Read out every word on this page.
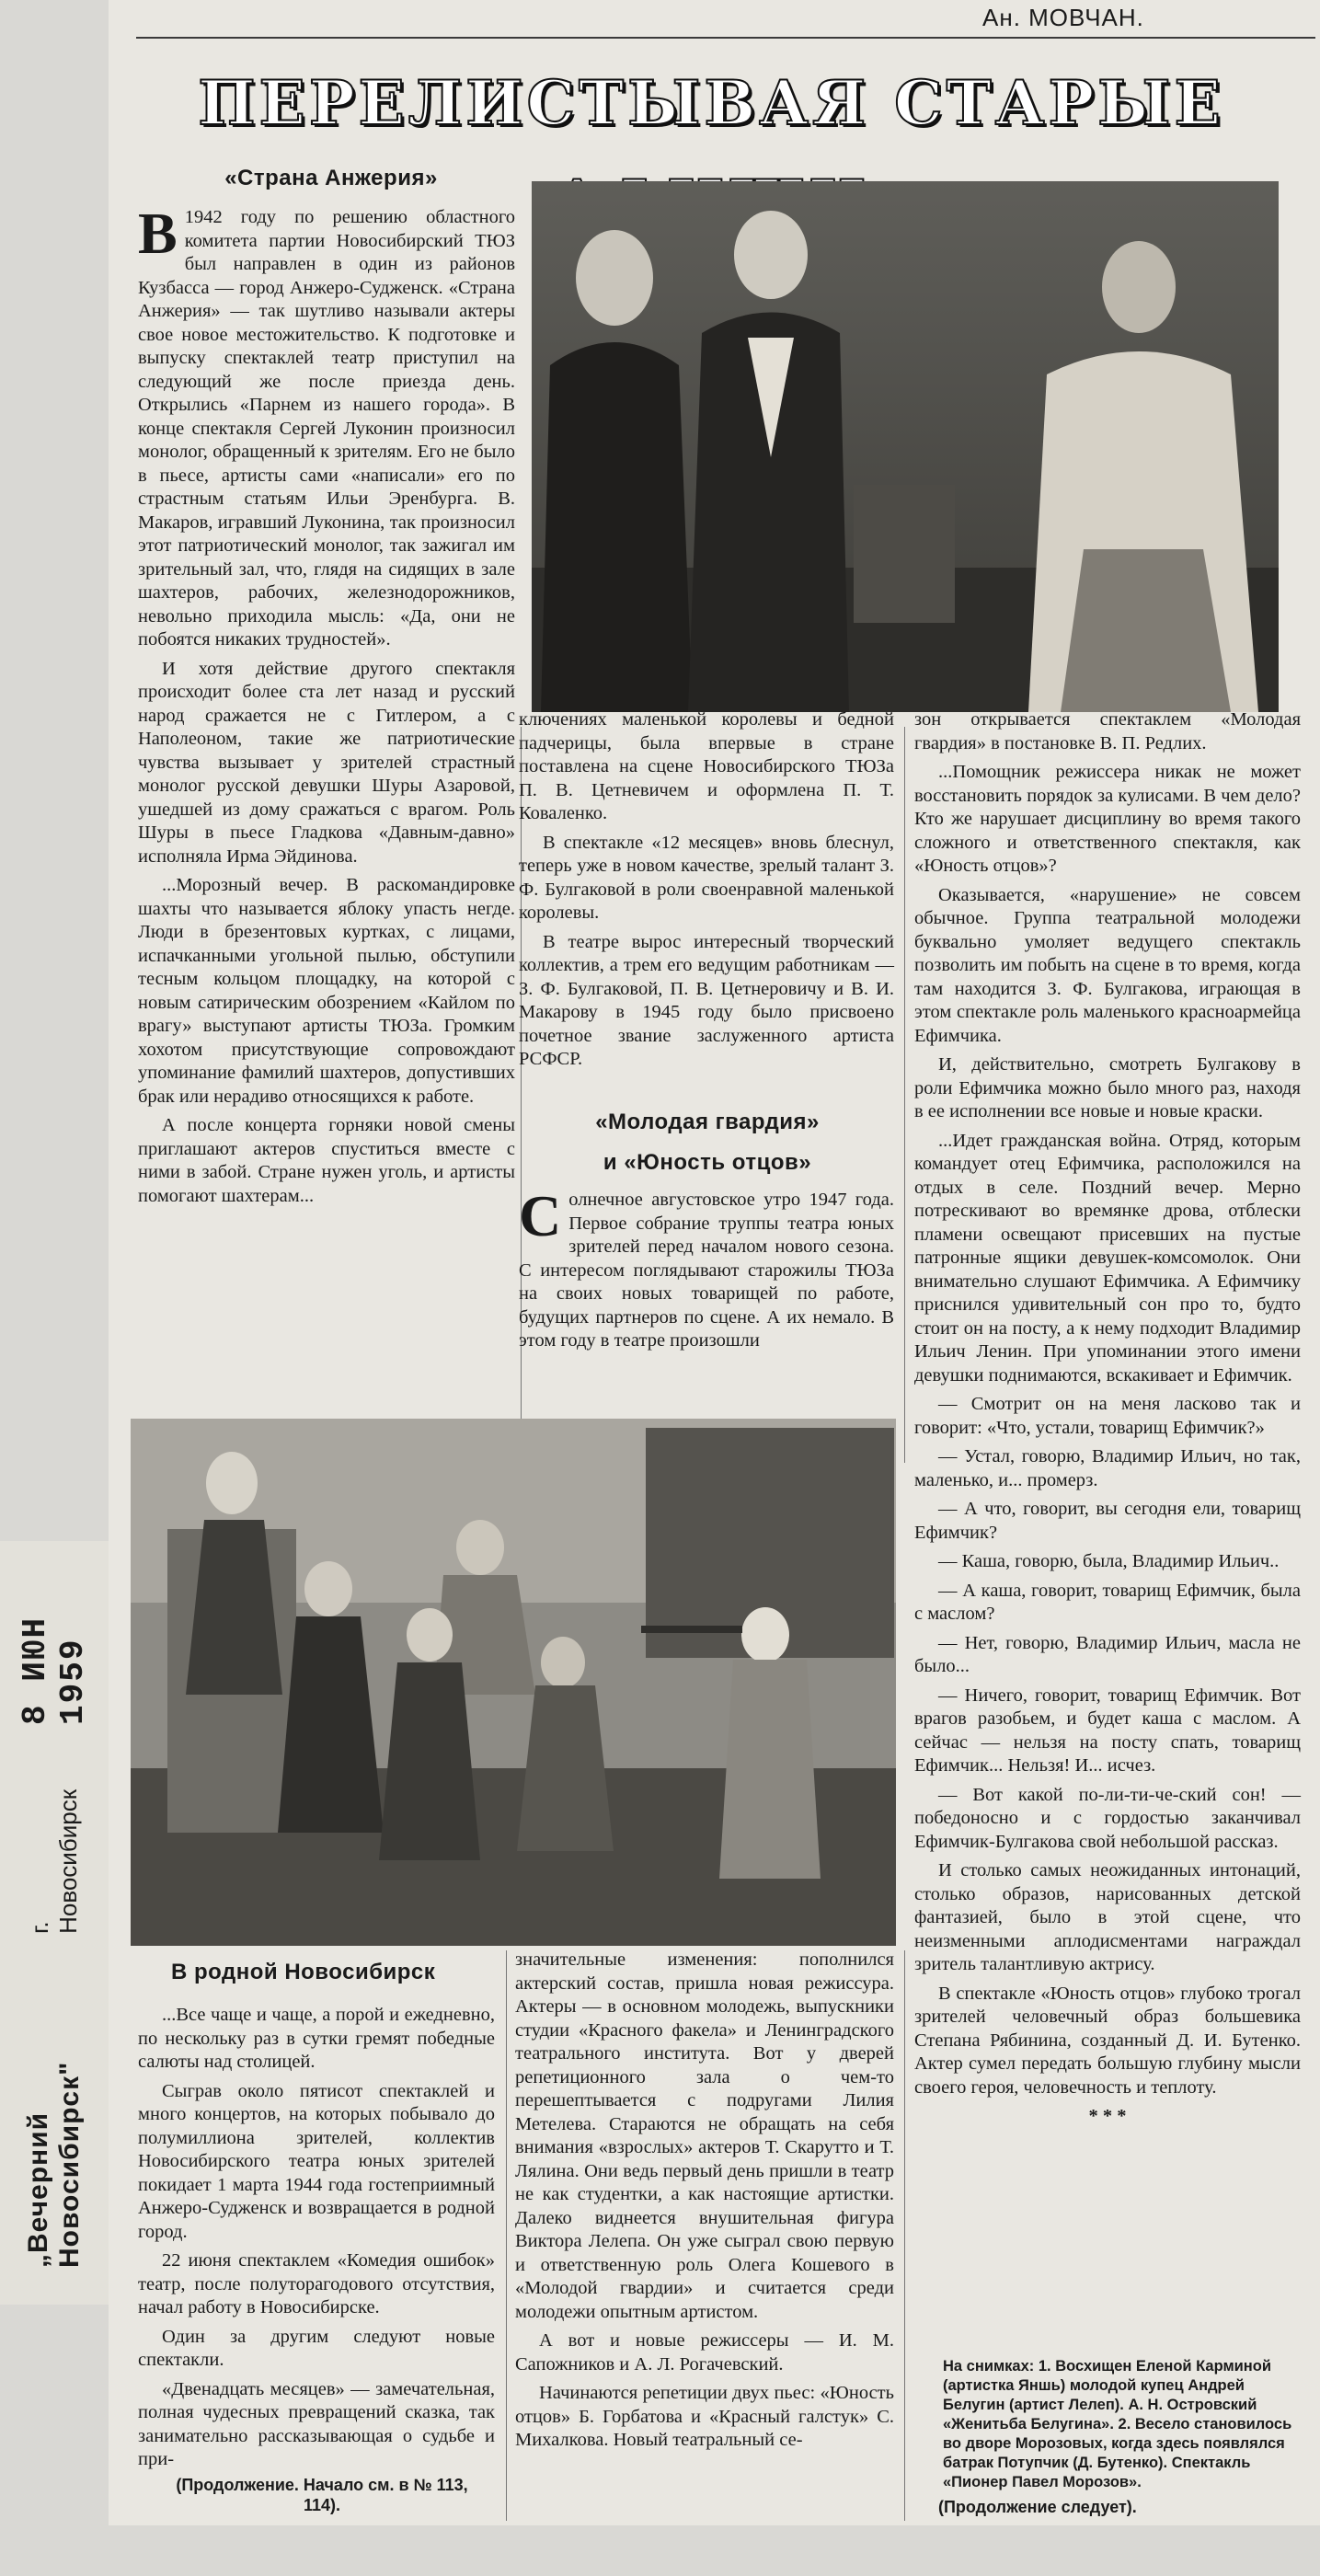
„Вечерний Новосибирск"
г. Новосибирск
8 ИЮН 1959
Ан. МОВЧАН.
ПЕРЕЛИСТЫВАЯ СТАРЫЕ
«Страна Анжерия»

В 1942 году по решению областного комитета партии Новосибирский ТЮЗ был направлен в один из районов Кузбасса — город Анжеро-Судженск. «Страна Анжерия» — так шутливо называли актеры свое новое местожительство. К подготовке и выпуску спектаклей театр приступил на следующий же после приезда день. Открылись «Парнем из нашего города». В конце спектакля Сергей Луконин произносил монолог, обращенный к зрителям. Его не было в пьесе, артисты сами «написали» его по страстным статьям Ильи Эренбурга. В. Макаров, игравший Луконина, так произносил этот патриотический монолог, так зажигал им зрительный зал, что, глядя на сидящих в зале шахтеров, рабочих, железнодорожников, невольно приходила мысль: «Да, они не побоятся никаких трудностей».

И хотя действие другого спектакля происходит более ста лет назад и русский народ сражается не с Гитлером, а с Наполеоном, такие же патриотические чувства вызывает у зрителей страстный монолог русской девушки Шуры Азаровой, ушедшей из дому сражаться с врагом. Роль Шуры в пьесе Гладкова «Давным-давно» исполняла Ирма Эйдинова.

...Морозный вечер. В раскомандировке шахты что называется яблоку упасть негде. Люди в брезентовых куртках, с лицами, испачканными угольной пылью, обступили тесным кольцом площадку, на которой с новым сатирическим обозрением «Кайлом по врагу» выступают артисты ТЮЗа. Громким хохотом присутствующие сопровождают упоминание фамилий шахтеров, допустивших брак или нерадиво относящихся к работе.

А после концерта горняки новой смены приглашают актеров спуститься вместе с ними в забой. Стране нужен уголь, и артисты помогают шахтерам...

ключениях маленькой королевы и бедной падчерицы, была впервые в стране поставлена на сцене Новосибирского ТЮЗа П. В. Цетневичем и оформлена П. Т. Коваленко.

В спектакле «12 месяцев» вновь блеснул, теперь уже в новом качестве, зрелый талант З. Ф. Булгаковой в роли своенравной маленькой королевы.

В театре вырос интересный творческий коллектив, а трем его ведущим работникам — З. Ф. Булгаковой, П. В. Цетнеровичу и В. И. Макарову в 1945 году было присвоено почетное звание заслуженного артиста РСФСР.

«Молодая гвардия»
и «Юность отцов»

Солнечное августовское утро 1947 года. Первое собрание труппы театра юных зрителей перед началом нового сезона. С интересом поглядывают старожилы ТЮЗа на своих новых товарищей по работе, будущих партнеров по сцене. А их немало. В этом году в театре произошли

зон открывается спектаклем «Молодая гвардия» в постановке В. П. Редлих.

...Помощник режиссера никак не может восстановить порядок за кулисами. В чем дело? Кто же нарушает дисциплину во время такого сложного и ответственного спектакля, как «Юность отцов»?

Оказывается, «нарушение» не совсем обычное. Группа театральной молодежи буквально умоляет ведущего спектакль позволить им побыть на сцене в то время, когда там находится З. Ф. Булгакова, играющая в этом спектакле роль маленького красноармейца Ефимчика.

И, действительно, смотреть Булгакову в роли Ефимчика можно было много раз, находя в ее исполнении все новые и новые краски.

...Идет гражданская война. Отряд, которым командует отец Ефимчика, расположился на отдых в селе. Поздний вечер. Мерно потрескивают во времянке дрова, отблески пламени освещают присевших на пустые патронные ящики девушек-комсомолок. Они внимательно слушают Ефимчика. А Ефимчику приснился удивительный сон про то, будто стоит он на посту, а к нему подходит Владимир Ильич Ленин. При упоминании этого имени девушки поднимаются, вскакивает и Ефимчик.

— Смотрит он на меня ласково так и говорит: «Что, устали, товарищ Ефимчик?»

— Устал, говорю, Владимир Ильич, но так, маленько, и... промерз.

— А что, говорит, вы сегодня ели, товарищ Ефимчик?

— Каша, говорю, была, Владимир Ильич..

— А каша, говорит, товарищ Ефимчик, была с маслом?

— Нет, говорю, Владимир Ильич, масла не было...

— Ничего, говорит, товарищ Ефимчик. Вот врагов разобьем, и будет каша с маслом. А сейчас — нельзя на посту спать, товарищ Ефимчик... Нельзя! И... исчез.

— Вот какой по-ли-ти-че-ский сон! — победоносно и с гордостью заканчивал Ефимчик-Булгакова свой небольшой рассказ.

И столько самых неожиданных интонаций, столько образов, нарисованных детской фантазией, было в этой сцене, что неизменными аплодисментами награждал зритель талантливую актрису.

В спектакле «Юность отцов» глубоко трогал зрителей человечный образ большевика Степана Рябинина, созданный Д. И. Бутенко. Актер сумел передать большую глубину мысли своего героя, человечность и теплоту.

* * *

На снимках: 1. Восхищен Еленой Карминой (артистка Яншь) молодой купец Андрей Белугин (артист Лелеп). А. Н. Островский «Женитьба Белугина». 2. Весело становилось во дворе Морозовых, когда здесь появлялся батрак Потупчик (Д. Бутенко). Спектакль «Пионер Павел Морозов».
(Продолжение следует).
В родной Новосибирск

...Все чаще и чаще, а порой и ежедневно, по нескольку раз в сутки гремят победные салюты над столицей.

Сыграв около пятисот спектаклей и много концертов, на которых побывало до полумиллиона зрителей, коллектив Новосибирского театра юных зрителей покидает 1 марта 1944 года гостеприимный Анжеро-Судженск и возвращается в родной город.

22 июня спектаклем «Комедия ошибок» театр, после полуторагодового отсутствия, начал работу в Новосибирске.

Один за другим следуют новые спектакли.

«Двенадцать месяцев» — замечательная, полная чудесных превращений сказка, так занимательно рассказывающая о судьбе и при-

(Продолжение. Начало см. в № 113, 114).

значительные изменения: пополнился актерский состав, пришла новая режиссура. Актеры — в основном молодежь, выпускники студии «Красного факела» и Ленинградского театрального института. Вот у дверей репетиционного зала о чем-то перешептывается с подругами Лилия Метелева. Стараются не обращать на себя внимания «взрослых» актеров Т. Скарутто и Т. Лялина. Они ведь первый день пришли в театр не как студентки, а как настоящие артистки. Далеко виднеется внушительная фигура Виктора Лелепа. Он уже сыграл свою первую и ответственную роль Олега Кошевого в «Молодой гвардии» и считается среди молодежи опытным артистом.

А вот и новые режиссеры — И. М. Сапожников и А. Л. Рогачевский.

Начинаются репетиции двух пьес: «Юность отцов» Б. Горбатова и «Красный галстук» С. Михалкова. Новый театральный се-
